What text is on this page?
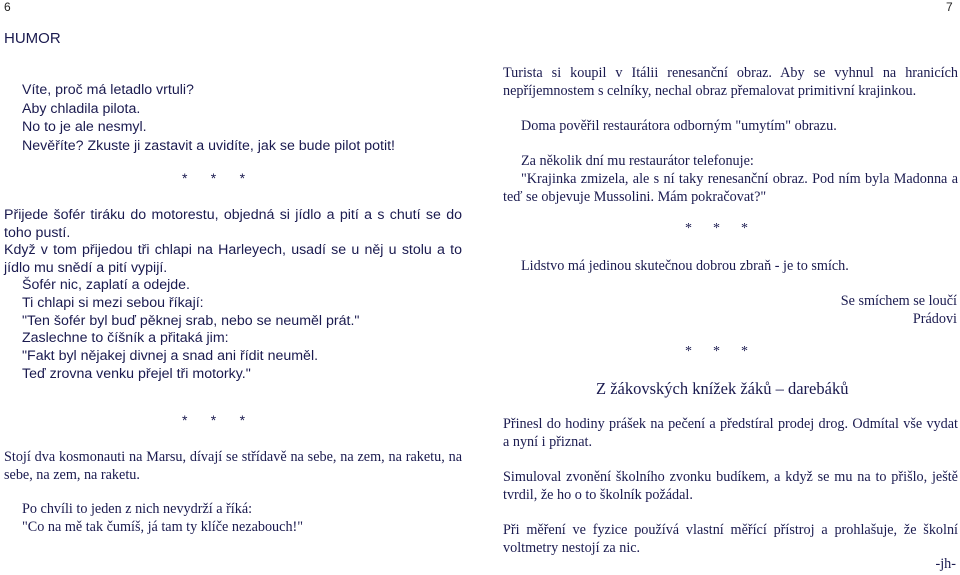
6	7
HUMOR
Víte, proč má letadlo vrtuli?
Aby chladila pilota.
No to je ale nesmyl.
Nevěříte? Zkuste ji zastavit a uvidíte, jak se bude pilot potit!
*      *      *
Přijede šofér tiráku do motorestu, objedná si jídlo a pití a s chutí se do toho pustí.
Když v tom přijedou tři chlapi na Harleyech, usadí se u něj u stolu a to jídlo mu snědí a pití vypijí.
Šofér nic, zaplatí a odejde.
Ti chlapi si mezi sebou říkají:
"Ten šofér byl buď pěknej srab, nebo se neuměl prát."
Zaslechne to číšník a přitaká jim:
"Fakt byl nějakej divnej a snad ani řídit neuměl.
Teď zrovna venku přejel tři motorky."
*      *      *
Stojí dva kosmonauti na Marsu, dívají se střídavě na sebe, na zem, na raketu, na sebe, na zem, na raketu.
Po chvíli to jeden z nich nevydrží a říká:
"Co na mě tak čumíš, já tam ty klíče nezabouch!"
Turista si koupil v Itálii renesanční obraz. Aby se vyhnul na hranicích nepříjemnostem s celníky, nechal obraz přemalovat primitivní krajinkou.
Doma pověřil restaurátora odborným "umytím" obrazu.
Za několik dní mu restaurátor telefonuje:
"Krajinka zmizela, ale s ní taky renesanční obraz. Pod ním byla Madonna a teď se objevuje Mussolini. Mám pokračovat?"
*      *      *
Lidstvo má jedinou skutečnou dobrou zbraň - je to smích.
Se smíchem se loučí
Prádovi
*      *      *
Z žákovských knížek žáků – darebáků
Přinesl do hodiny prášek na pečení a předstíral prodej drog. Odmítal vše vydat a nyní i přiznat.
Simuloval zvonění školního zvonku budíkem, a když se mu na to přišlo, ještě tvrdil, že ho o to školník požádal.
Při měření ve fyzice používá vlastní měřící přístroj a prohlašuje, že školní voltmetry nestojí za nic.
-jh-
